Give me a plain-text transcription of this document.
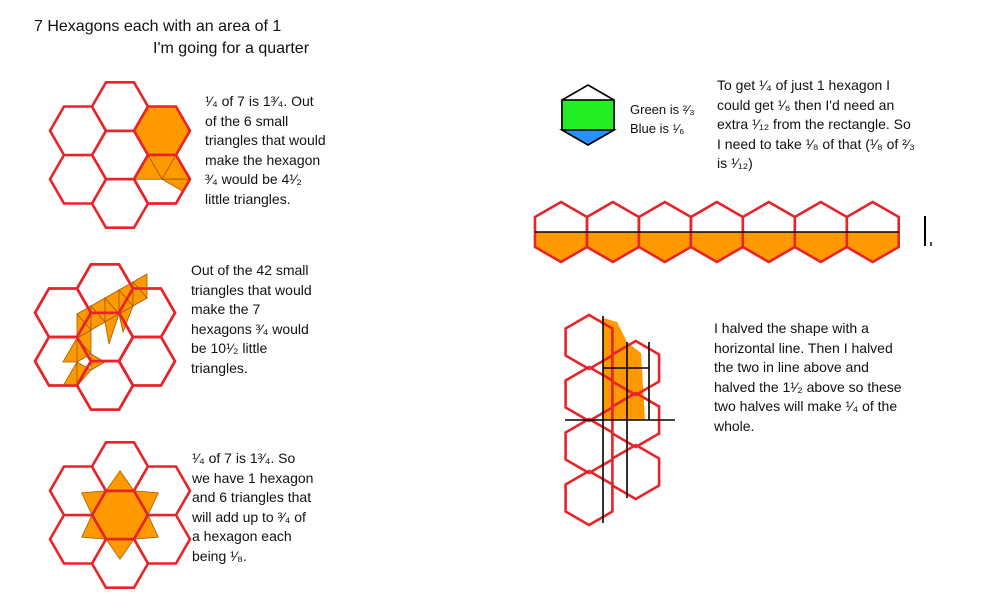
7 Hexagons each with an area of 1
I'm going for a quarter
¹⁄₄ of 7 is 1³⁄₄. Out
of the 6 small
triangles that would
make the hexagon
³⁄₄ would be 4¹⁄₂
little triangles.
Out of the 42 small
triangles that would
make the 7
hexagons ³⁄₄ would
be 10¹⁄₂ little
triangles.
¹⁄₄ of 7 is 1³⁄₄. So
we have 1 hexagon
and 6 triangles that
will add up to ³⁄₄ of
a hexagon each
being ¹⁄₈.
Green is ²⁄₃
Blue is ¹⁄₆
To get ¹⁄₄ of just 1 hexagon I
could get ¹⁄₆ then I'd need an
extra ¹⁄₁₂ from the rectangle. So
I need to take ¹⁄₈ of that (¹⁄₈ of ²⁄₃
is ¹⁄₁₂)
I halved the shape with a
horizontal line. Then I halved
the two in line above and
halved the 1¹⁄₂ above so these
two halves will make ¹⁄₄ of the
whole.
